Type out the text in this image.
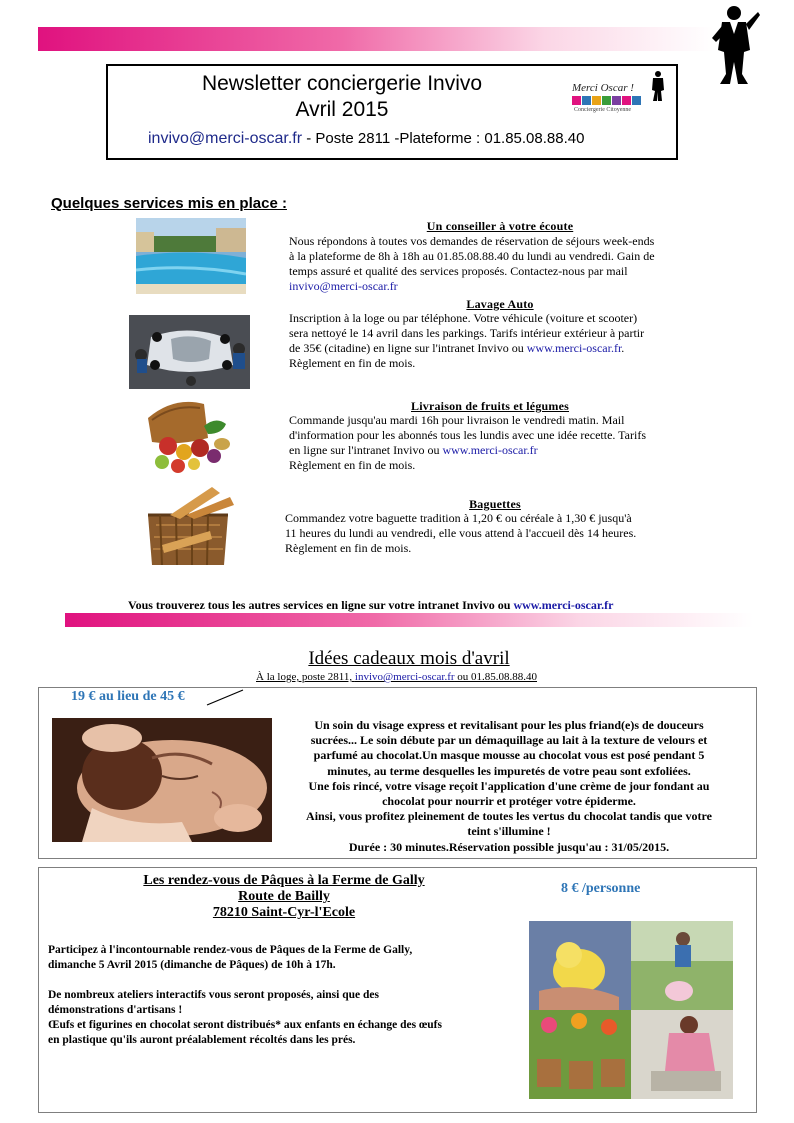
Newsletter conciergerie Invivo
Avril 2015
invivo@merci-oscar.fr - Poste 2811 -Plateforme : 01.85.08.88.40
Merci Oscar !
Conciergerie Citoyenne
Quelques services mis en place :
Un conseiller à votre écoute
Nous répondons à toutes vos demandes de réservation de séjours week-ends
à la plateforme de 8h à 18h au 01.85.08.88.40 du lundi au vendredi. Gain de
temps assuré et qualité des services proposés. Contactez-nous par mail
invivo@merci-oscar.fr
Lavage Auto
Inscription à la loge ou par téléphone. Votre véhicule (voiture et scooter)
sera nettoyé le 14 avril dans les parkings. Tarifs intérieur extérieur à partir
de 35€ (citadine) en ligne sur l'intranet Invivo ou www.merci-oscar.fr.
Règlement en fin de mois.
Livraison de fruits et légumes
Commande jusqu'au mardi 16h pour livraison le vendredi matin. Mail
d'information pour les abonnés tous les lundis avec une idée recette. Tarifs
en ligne sur l'intranet Invivo ou www.merci-oscar.fr
Règlement en fin de mois.
Baguettes
Commandez votre baguette tradition à 1,20 € ou céréale à 1,30 € jusqu'à
11 heures du lundi au vendredi, elle vous attend à l'accueil dès 14 heures.
Règlement en fin de mois.
Vous trouverez tous les autres services en ligne sur votre intranet Invivo ou www.merci-oscar.fr
Idées cadeaux mois d'avril
À la loge, poste 2811, invivo@merci-oscar.fr ou 01.85.08.88.40
19 € au lieu de 45 €
Un soin du visage express et revitalisant pour les plus friand(e)s de douceurs
sucrées... Le soin débute par un démaquillage au lait à la texture de velours et
parfumé au chocolat.Un masque mousse au chocolat vous est posé pendant 5
minutes, au terme desquelles les impuretés de votre peau sont exfoliées.
Une fois rincé, votre visage reçoit l'application d'une crème de jour fondant au
chocolat pour nourrir et protéger votre épiderme.
Ainsi, vous profitez pleinement de toutes les vertus du chocolat tandis que votre
teint s'illumine !
Durée : 30 minutes.Réservation possible jusqu'au : 31/05/2015.
Les rendez-vous de Pâques à la Ferme de Gally
Route de Bailly
78210 Saint-Cyr-l'Ecole
8 € /personne
Participez à l'incontournable rendez-vous de Pâques de la Ferme de Gally,
dimanche 5 Avril 2015 (dimanche de Pâques) de 10h à 17h.
De nombreux ateliers interactifs vous seront proposés, ainsi que des
démonstrations d'artisans !
Œufs et figurines en chocolat seront distribués* aux enfants en échange des œufs
en plastique qu'ils auront préalablement récoltés dans les prés.
